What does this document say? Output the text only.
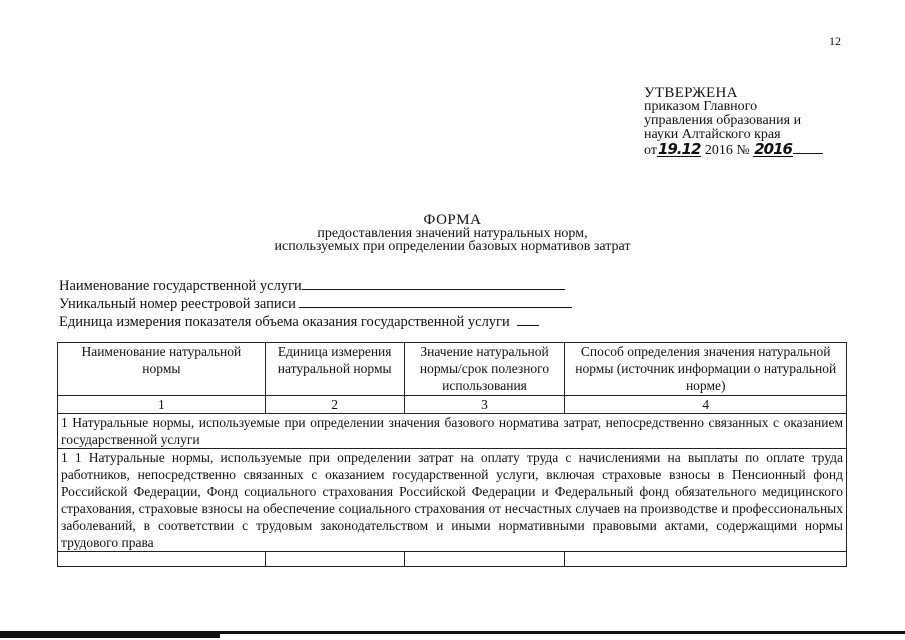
12
УТВЕРЖЕНА
приказом Главного
управления образования и
науки Алтайского края
от19.12 2016 № 2016
ФОРМА
предоставления значений натуральных норм,
используемых при определении базовых нормативов затрат
Наименование государственной услуги
Уникальный номер реестровой записи
Единица измерения показателя объема оказания государственной услуги
Наименование натуральной нормы	Единица измерения натуральной нормы	Значение натуральной нормы/срок полезного использования	Способ определения значения натуральной нормы (источник информации о натуральной норме)
1	2	3	4
1 Натуральные нормы, используемые при определении значения базового норматива затрат, непосредственно связанных с оказанием государственной услуги			
1 1 Натуральные нормы, используемые при определении затрат на оплату труда с начислениями на выплаты по оплате труда работников, непосредственно связанных с оказанием государственной услуги, включая страховые взносы в Пенсионный фонд Российской Федерации, Фонд социального страхования Российской Федерации и Федеральный фонд обязательного медицинского страхования, страховые взносы на обеспечение социального страхования от несчастных случаев на производстве и профессиональных заболеваний, в соответствии с трудовым законодательством и иными нормативными правовыми актами, содержащими нормы трудового права			
